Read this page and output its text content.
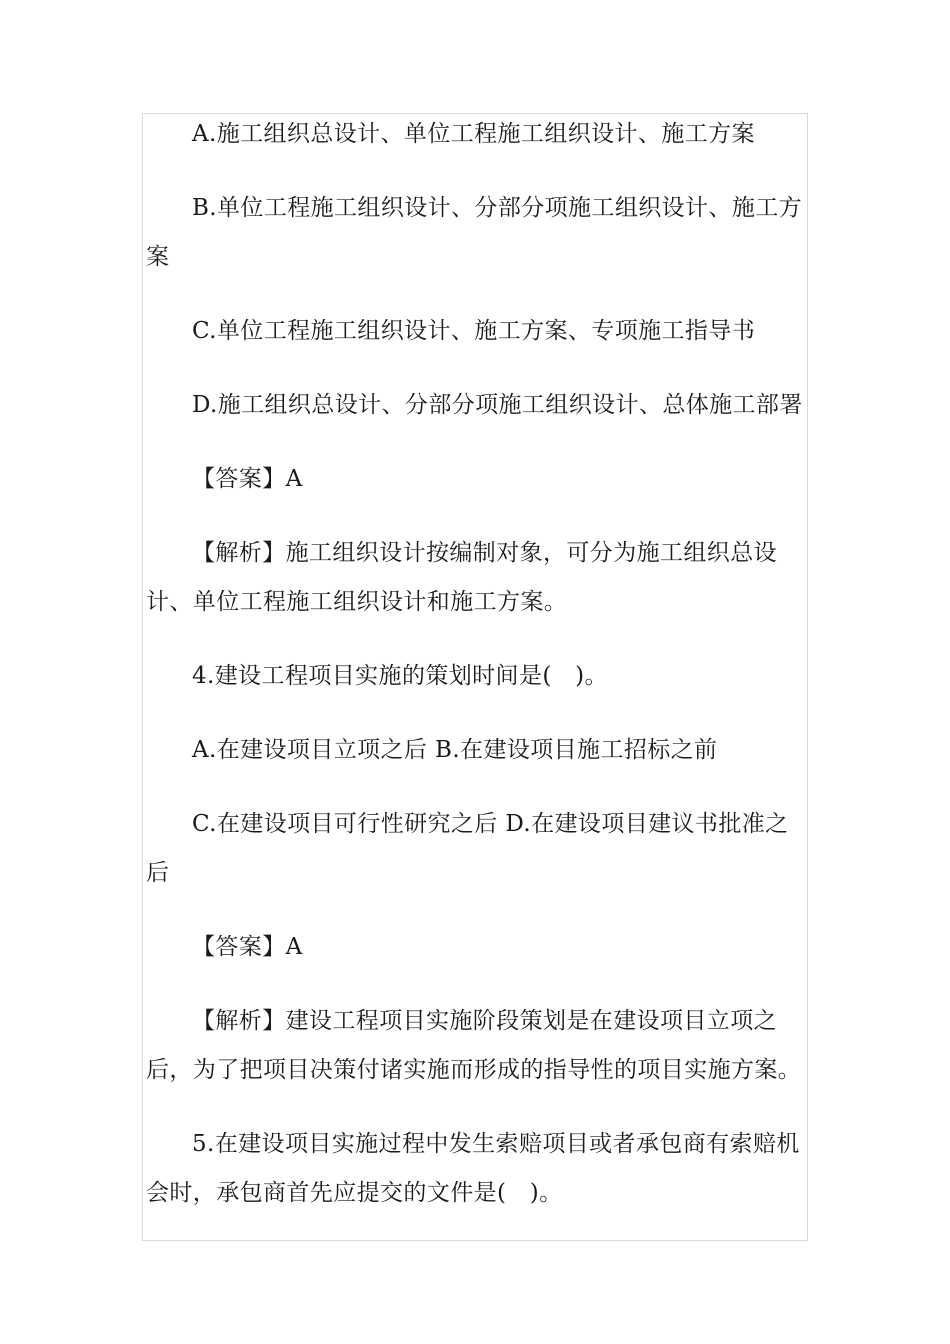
A.施工组织总设计、单位工程施工组织设计、施工方案

B.单位工程施工组织设计、分部分项施工组织设计、施工方案

C.单位工程施工组织设计、施工方案、专项施工指导书

D.施工组织总设计、分部分项施工组织设计、总体施工部署

【答案】A

【解析】施工组织设计按编制对象，可分为施工组织总设计、单位工程施工组织设计和施工方案。

4.建设工程项目实施的策划时间是(　)。

A.在建设项目立项之后 B.在建设项目施工招标之前

C.在建设项目可行性研究之后 D.在建设项目建议书批准之后

【答案】A

【解析】建设工程项目实施阶段策划是在建设项目立项之后，为了把项目决策付诸实施而形成的指导性的项目实施方案。

5.在建设项目实施过程中发生索赔项目或者承包商有索赔机会时，承包商首先应提交的文件是(　)。
